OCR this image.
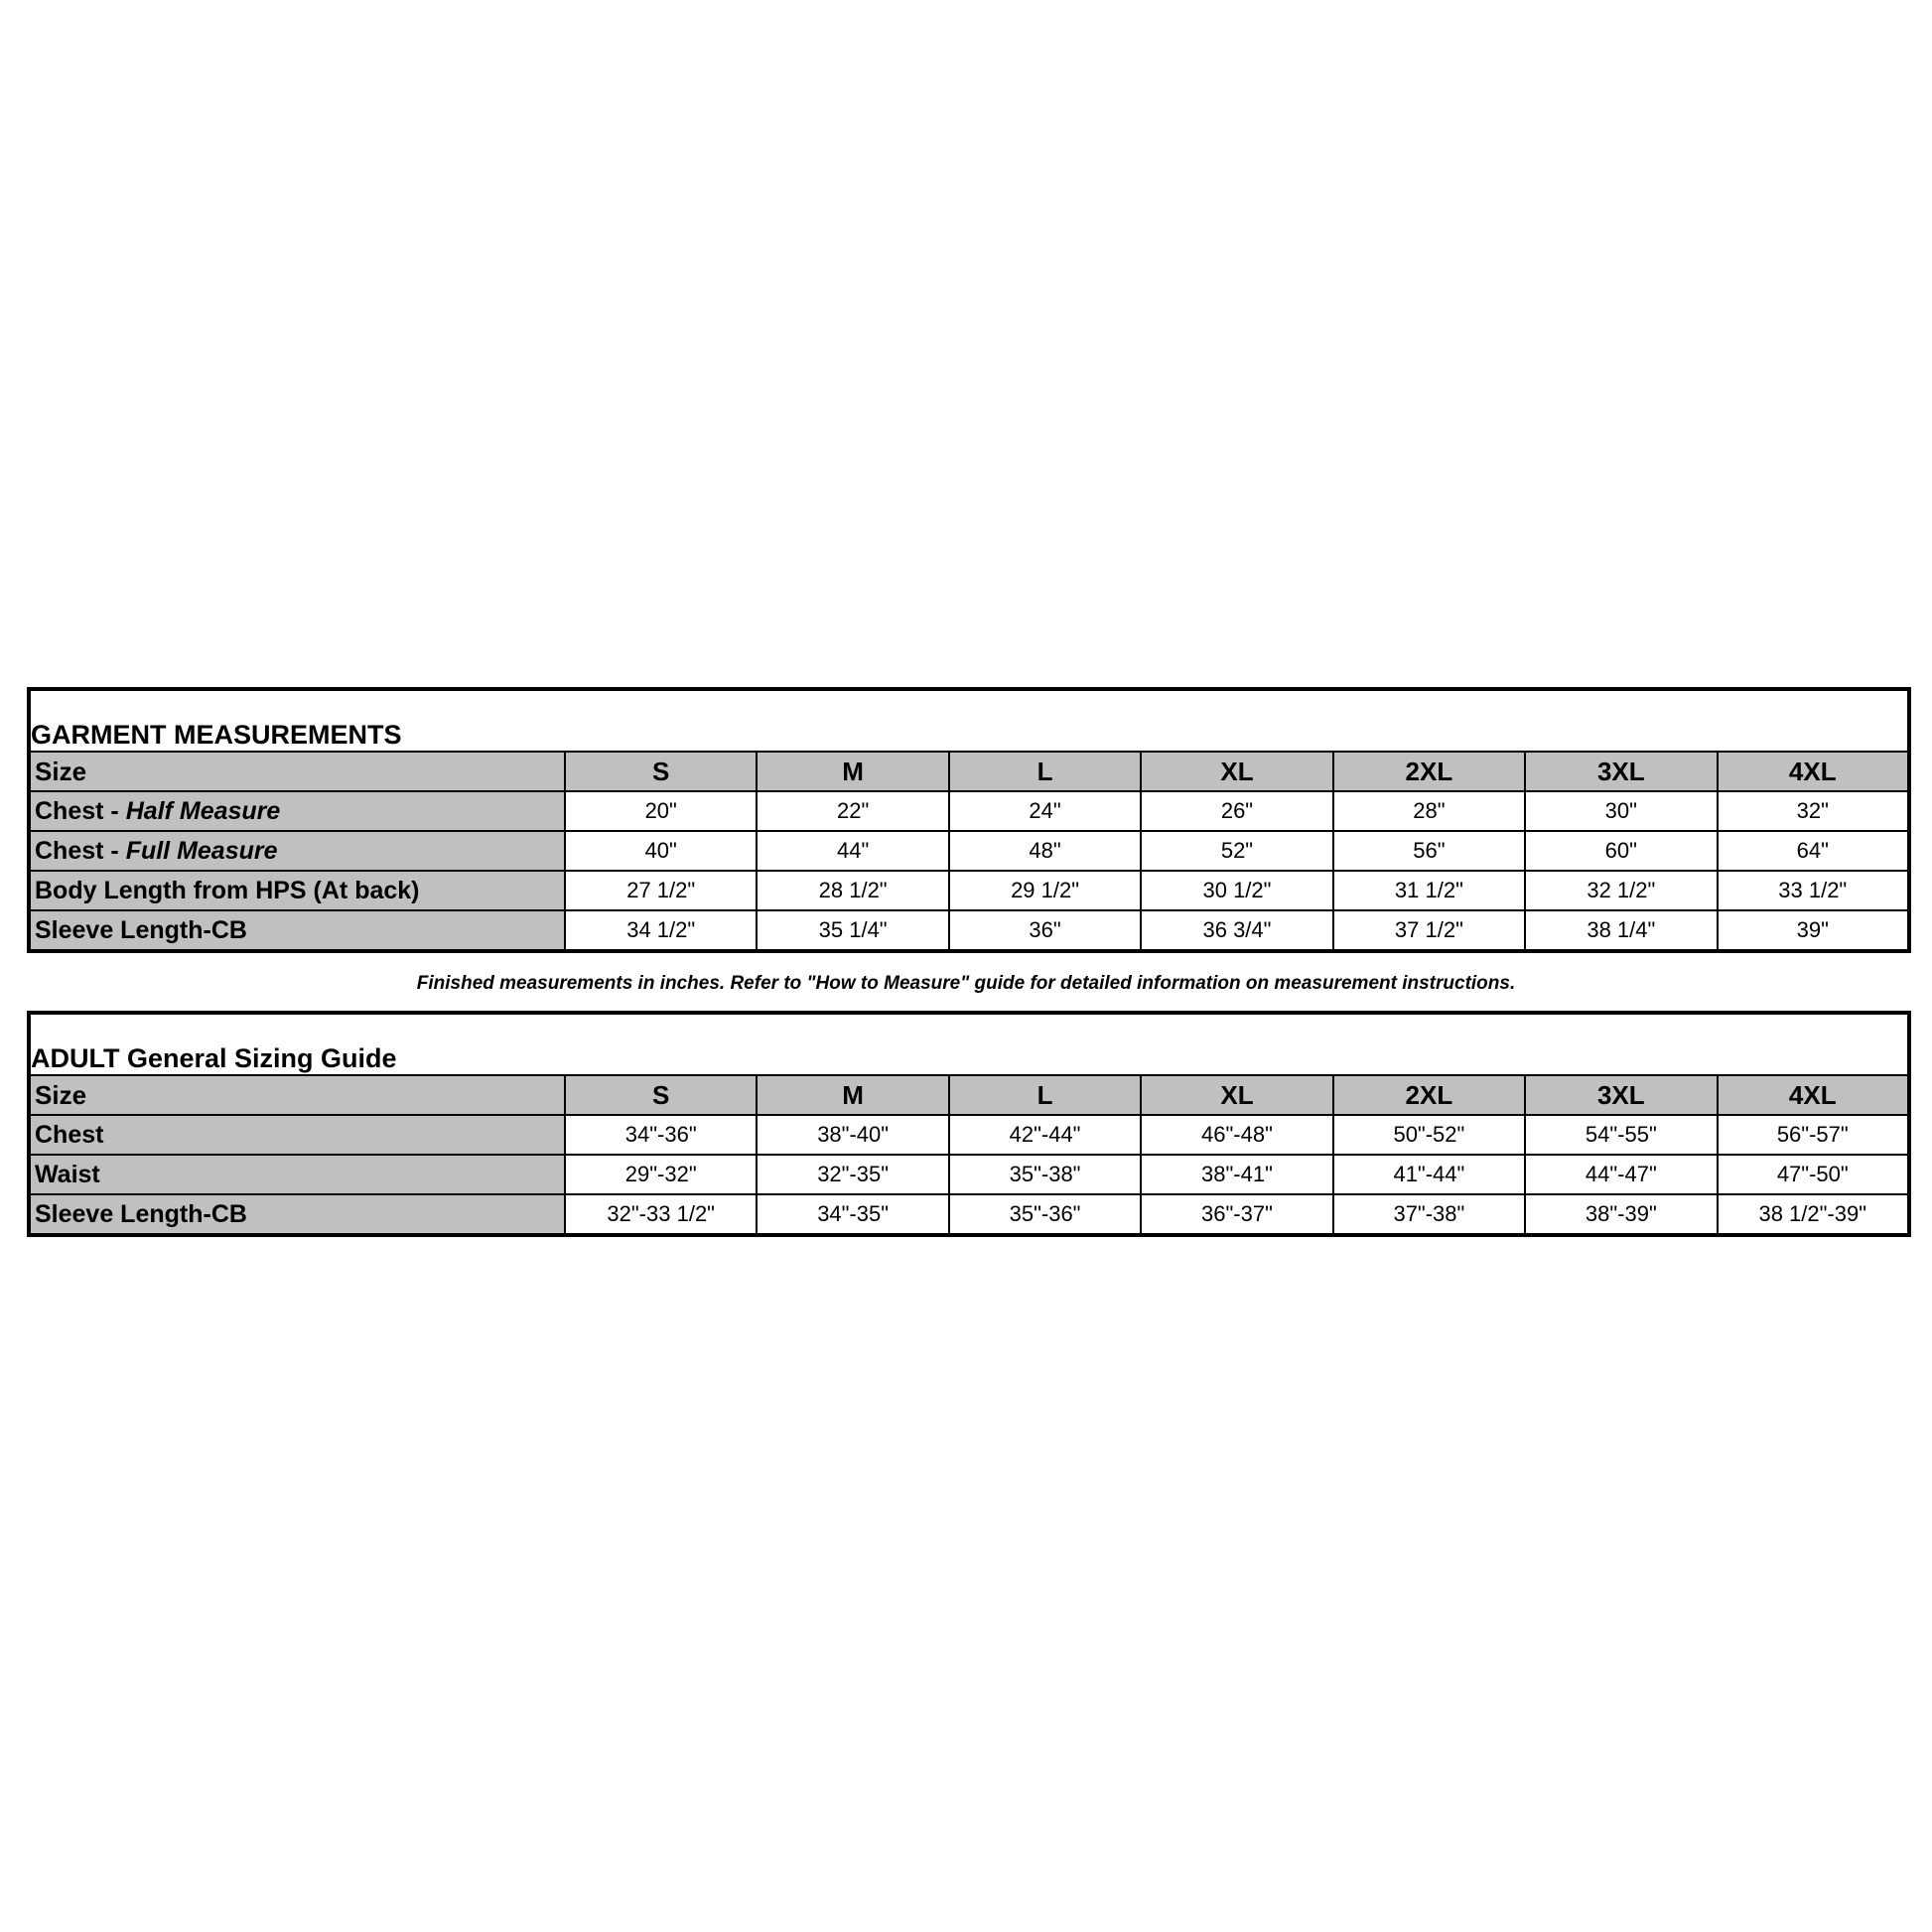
GARMENT MEASUREMENTS							
Size	S	M	L	XL	2XL	3XL	4XL
Chest - Half Measure	20"	22"	24"	26"	28"	30"	32"
Chest - Full Measure	40"	44"	48"	52"	56"	60"	64"
Body Length from HPS (At back)	27 1/2"	28 1/2"	29 1/2"	30 1/2"	31 1/2"	32 1/2"	33 1/2"
Sleeve Length-CB	34 1/2"	35 1/4"	36"	36 3/4"	37 1/2"	38 1/4"	39"
Finished measurements in inches. Refer to "How to Measure" guide for detailed information on measurement instructions.
ADULT General Sizing Guide							
Size	S	M	L	XL	2XL	3XL	4XL
Chest	34"-36"	38"-40"	42"-44"	46"-48"	50"-52"	54"-55"	56"-57"
Waist	29"-32"	32"-35"	35"-38"	38"-41"	41"-44"	44"-47"	47"-50"
Sleeve Length-CB	32"-33 1/2"	34"-35"	35"-36"	36"-37"	37"-38"	38"-39"	38 1/2"-39"
